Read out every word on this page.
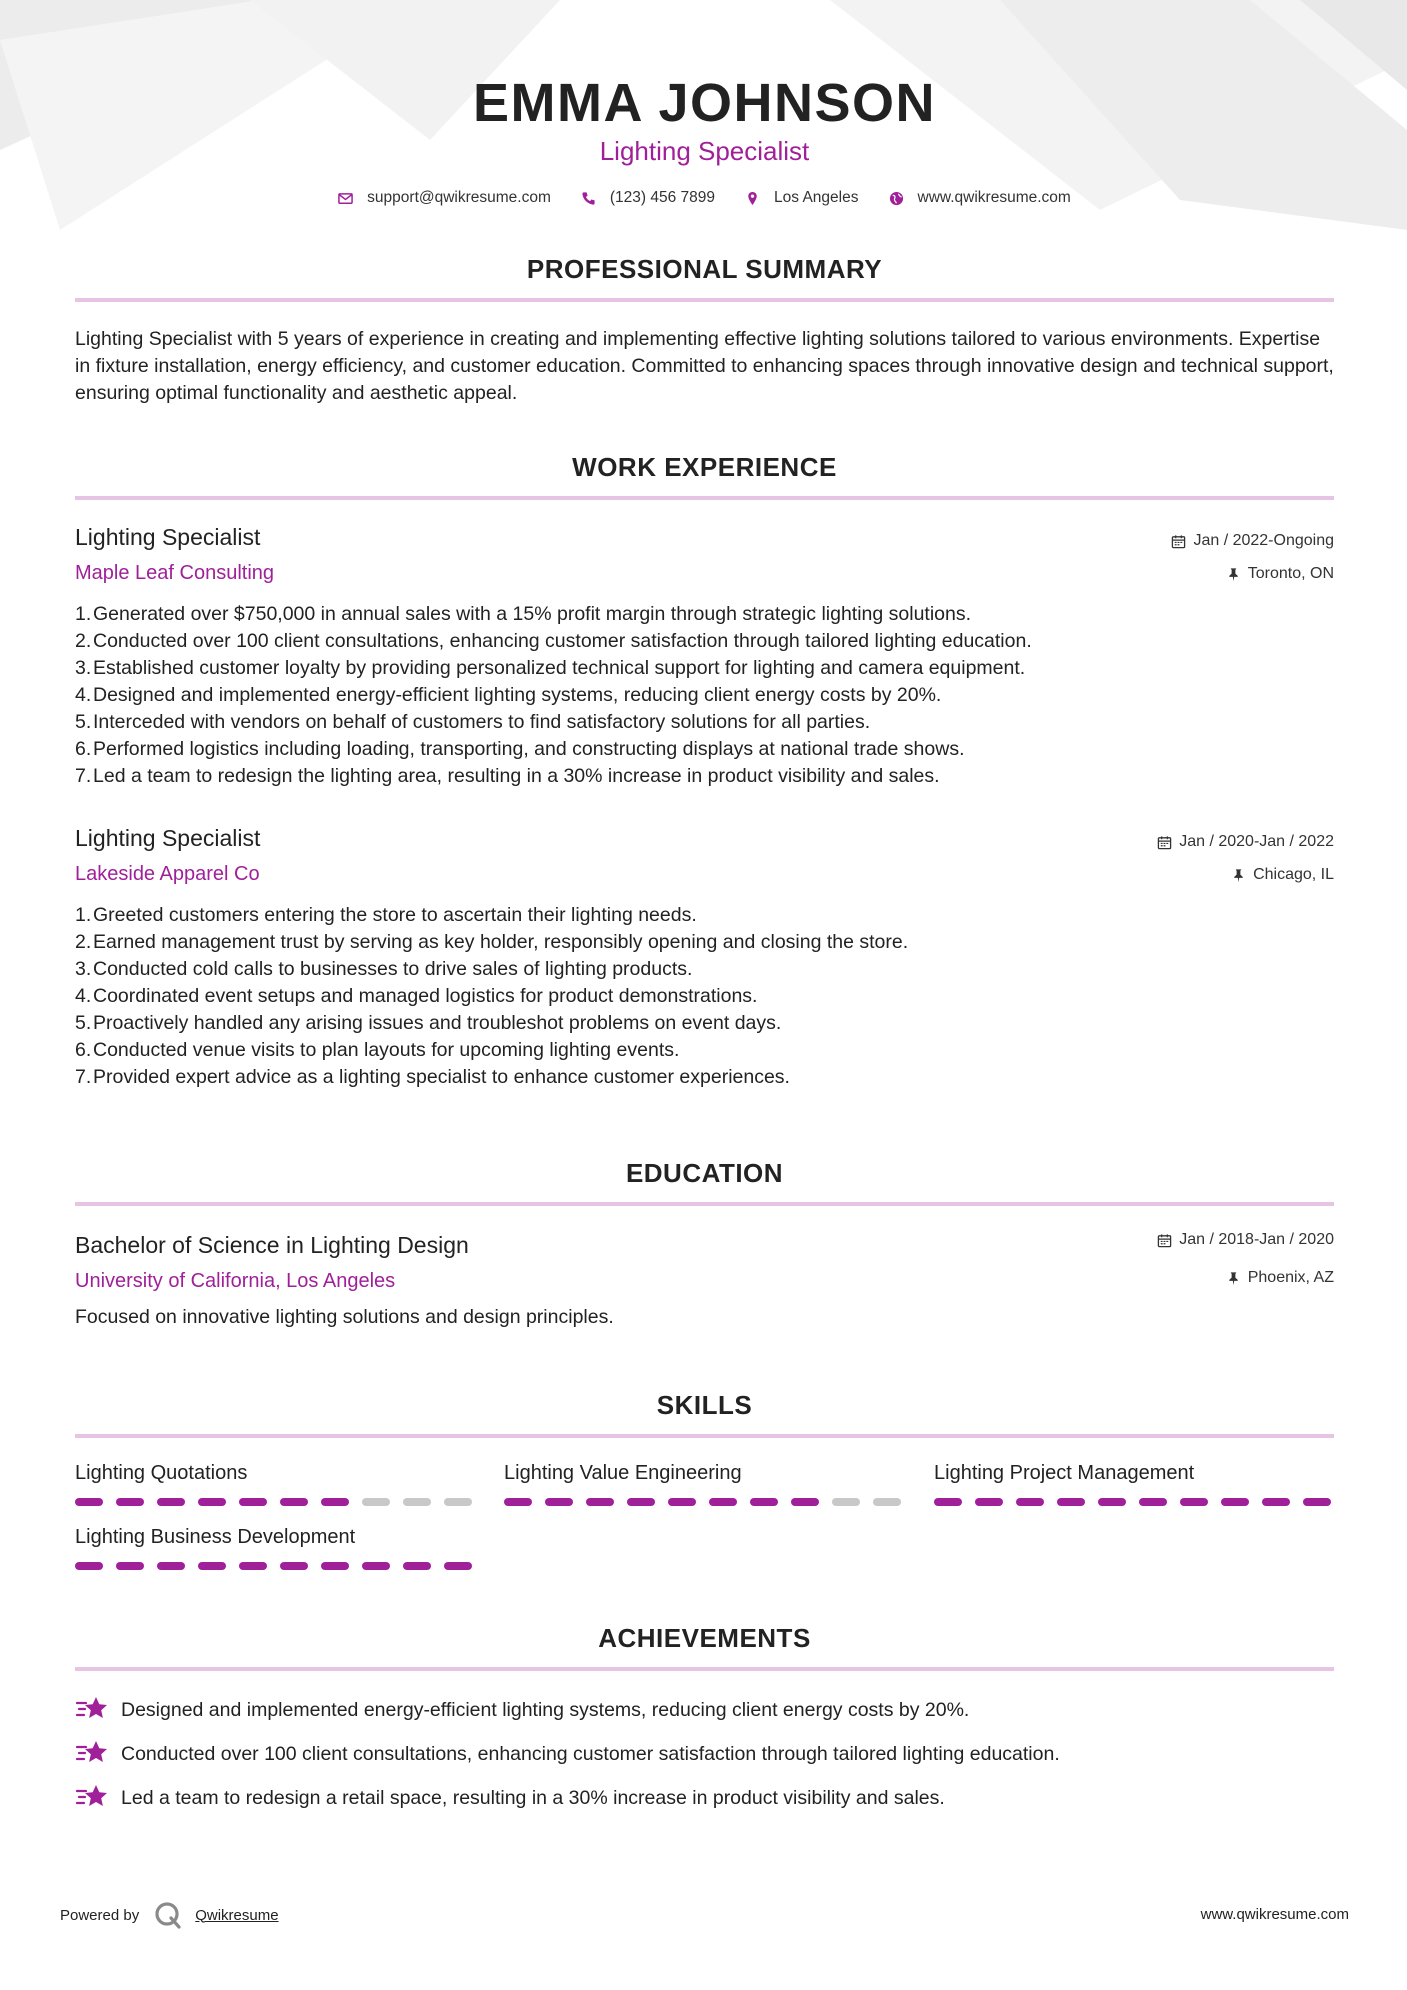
EMMA JOHNSON

Lighting Specialist

support@qwikresume.com	(123) 456 7899	Los Angeles	www.qwikresume.com
PROFESSIONAL SUMMARY

Lighting Specialist with 5 years of experience in creating and implementing effective lighting solutions tailored to various environments. Expertise in fixture installation, energy efficiency, and customer education. Committed to enhancing spaces through innovative design and technical support, ensuring optimal functionality and aesthetic appeal.

WORK EXPERIENCE

Lighting Specialist

Maple Leaf Consulting

Jan / 2022-Ongoing
Toronto, ON
1. Generated over $750,000 in annual sales with a 15% profit margin through strategic lighting solutions.
2. Conducted over 100 client consultations, enhancing customer satisfaction through tailored lighting education.
3. Established customer loyalty by providing personalized technical support for lighting and camera equipment.
4. Designed and implemented energy-efficient lighting systems, reducing client energy costs by 20%.
5. Interceded with vendors on behalf of customers to find satisfactory solutions for all parties.
6. Performed logistics including loading, transporting, and constructing displays at national trade shows.
7. Led a team to redesign the lighting area, resulting in a 30% increase in product visibility and sales.

Lighting Specialist

Lakeside Apparel Co

Jan / 2020-Jan / 2022
Chicago, IL
1. Greeted customers entering the store to ascertain their lighting needs.
2. Earned management trust by serving as key holder, responsibly opening and closing the store.
3. Conducted cold calls to businesses to drive sales of lighting products.
4. Coordinated event setups and managed logistics for product demonstrations.
5. Proactively handled any arising issues and troubleshot problems on event days.
6. Conducted venue visits to plan layouts for upcoming lighting events.
7. Provided expert advice as a lighting specialist to enhance customer experiences.
EDUCATION

Bachelor of Science in Lighting Design

University of California, Los Angeles

Jan / 2018-Jan / 2020
Phoenix, AZ

Focused on innovative lighting solutions and design principles.

SKILLS

Lighting Quotations	Lighting Value Engineering	Lighting Project Management

Lighting Business Development

ACHIEVEMENTS
Designed and implemented energy-efficient lighting systems, reducing client energy costs by 20%.
Conducted over 100 client consultations, enhancing customer satisfaction through tailored lighting education.
Led a team to redesign a retail space, resulting in a 30% increase in product visibility and sales.
Powered by	Qwikresume	www.qwikresume.com
